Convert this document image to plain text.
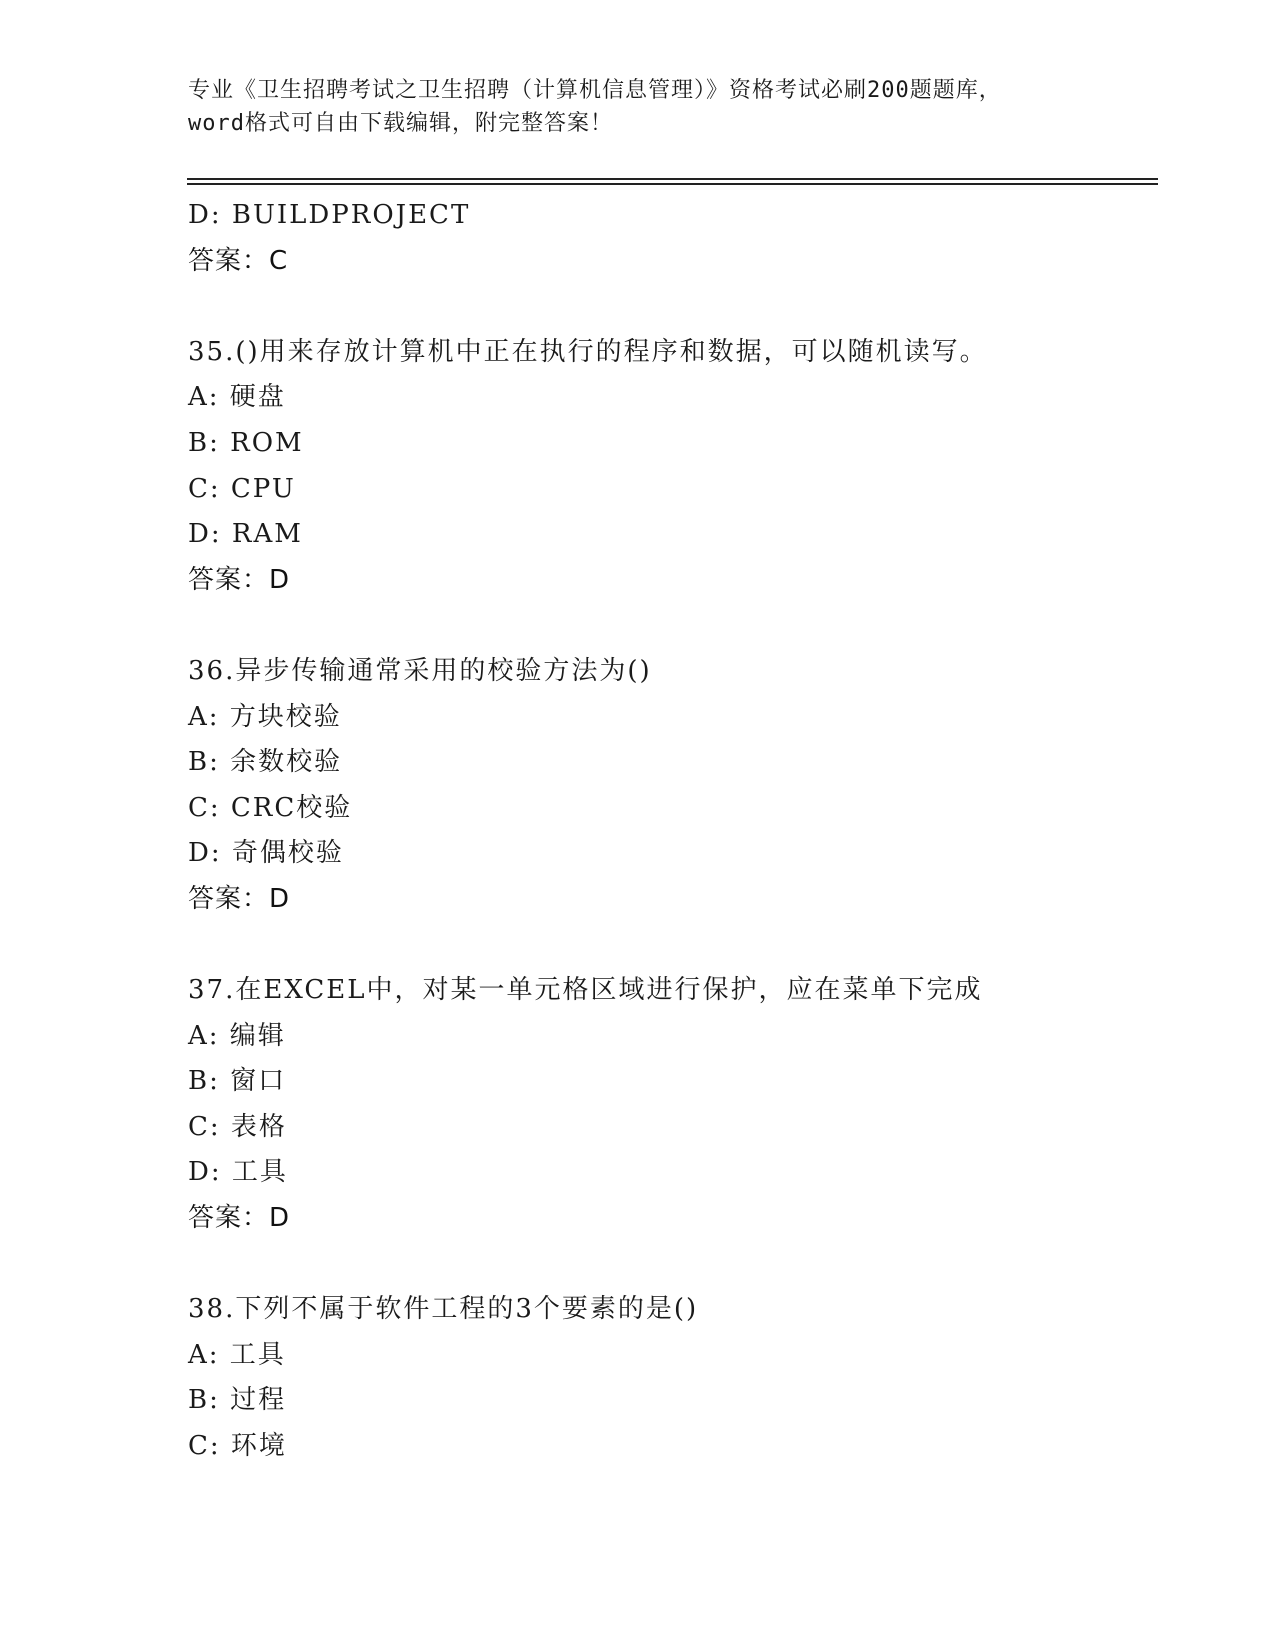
专业《卫生招聘考试之卫生招聘（计算机信息管理）》资格考试必刷200题题库，
word格式可自由下载编辑，附完整答案！
D: BUILDPROJECT
答案：C
35.()用来存放计算机中正在执行的程序和数据，可以随机读写。
A: 硬盘
B: ROM
C: CPU
D: RAM
答案：D
36.异步传输通常采用的校验方法为()
A: 方块校验
B: 余数校验
C: CRC校验
D: 奇偶校验
答案：D
37.在EXCEL中，对某一单元格区域进行保护，应在菜单下完成
A: 编辑
B: 窗口
C: 表格
D: 工具
答案：D
38.下列不属于软件工程的3个要素的是()
A: 工具
B: 过程
C: 环境
